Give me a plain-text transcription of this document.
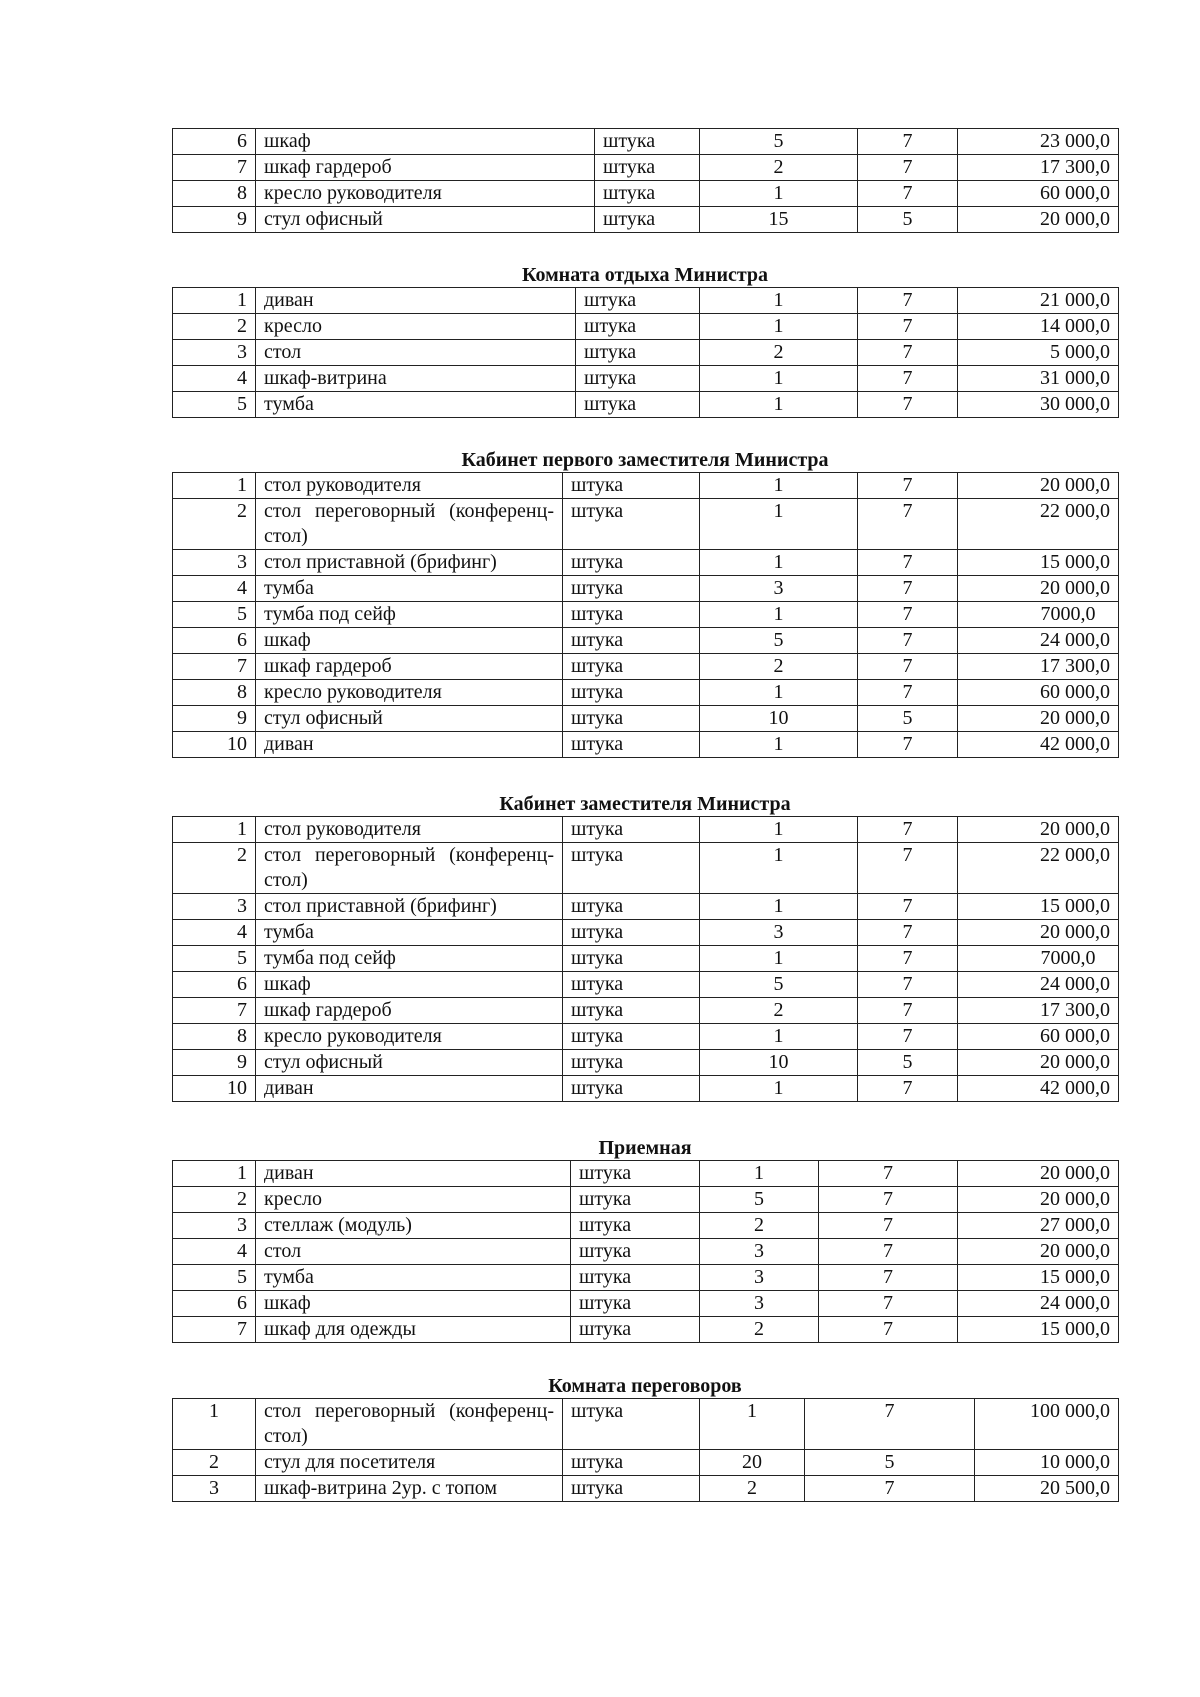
6	шкаф	штука	5	7	23 000,0
7	шкаф гардероб	штука	2	7	17 300,0
8	кресло руководителя	штука	1	7	60 000,0
9	стул офисный	штука	15	5	20 000,0
Комната отдыха Министра
1	диван	штука	1	7	21 000,0
2	кресло	штука	1	7	14 000,0
3	стол	штука	2	7	5 000,0
4	шкаф-витрина	штука	1	7	31 000,0
5	тумба	штука	1	7	30 000,0
Кабинет первого заместителя Министра
1	стол руководителя	штука	1	7	20 000,0
2	стол переговорный (конференц-стол)	штука	1	7	22 000,0
3	стол приставной (брифинг)	штука	1	7	15 000,0
4	тумба	штука	3	7	20 000,0
5	тумба под сейф	штука	1	7	7000,0
6	шкаф	штука	5	7	24 000,0
7	шкаф гардероб	штука	2	7	17 300,0
8	кресло руководителя	штука	1	7	60 000,0
9	стул офисный	штука	10	5	20 000,0
10	диван	штука	1	7	42 000,0
Кабинет заместителя Министра
1	стол руководителя	штука	1	7	20 000,0
2	стол переговорный (конференц-стол)	штука	1	7	22 000,0
3	стол приставной (брифинг)	штука	1	7	15 000,0
4	тумба	штука	3	7	20 000,0
5	тумба под сейф	штука	1	7	7000,0
6	шкаф	штука	5	7	24 000,0
7	шкаф гардероб	штука	2	7	17 300,0
8	кресло руководителя	штука	1	7	60 000,0
9	стул офисный	штука	10	5	20 000,0
10	диван	штука	1	7	42 000,0
Приемная
1	диван	штука	1	7	20 000,0
2	кресло	штука	5	7	20 000,0
3	стеллаж (модуль)	штука	2	7	27 000,0
4	стол	штука	3	7	20 000,0
5	тумба	штука	3	7	15 000,0
6	шкаф	штука	3	7	24 000,0
7	шкаф для одежды	штука	2	7	15 000,0
Комната переговоров
1	стол переговорный (конференц-стол)	штука	1	7	100 000,0
2	стул для посетителя	штука	20	5	10 000,0
3	шкаф-витрина 2ур. с топом	штука	2	7	20 500,0
